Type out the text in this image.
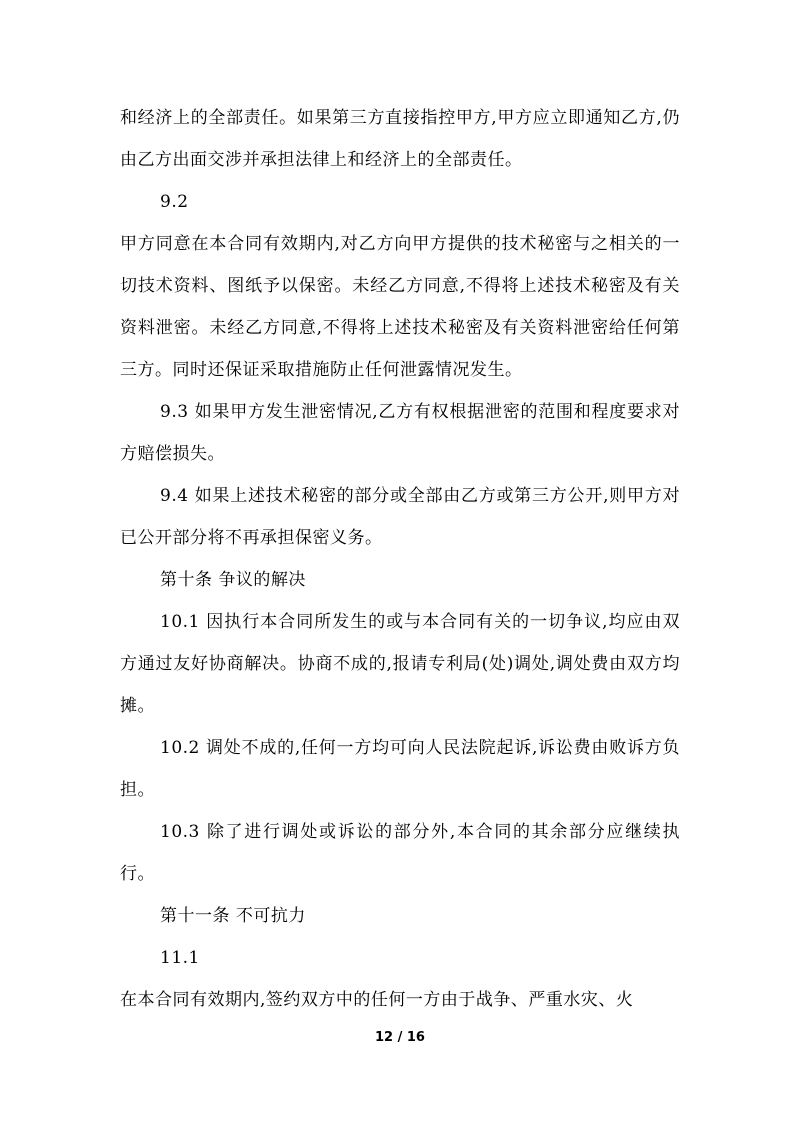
和经济上的全部责任。如果第三方直接指控甲方,甲方应立即通知乙方,仍由乙方出面交涉并承担法律上和经济上的全部责任。

9.2

甲方同意在本合同有效期内,对乙方向甲方提供的技术秘密与之相关的一切技术资料、图纸予以保密。未经乙方同意,不得将上述技术秘密及有关资料泄密。未经乙方同意,不得将上述技术秘密及有关资料泄密给任何第三方。同时还保证采取措施防止任何泄露情况发生。

9.3 如果甲方发生泄密情况,乙方有权根据泄密的范围和程度要求对方赔偿损失。

9.4 如果上述技术秘密的部分或全部由乙方或第三方公开,则甲方对已公开部分将不再承担保密义务。

第十条 争议的解决

10.1 因执行本合同所发生的或与本合同有关的一切争议,均应由双方通过友好协商解决。协商不成的,报请专利局(处)调处,调处费由双方均摊。

10.2 调处不成的,任何一方均可向人民法院起诉,诉讼费由败诉方负担。

10.3 除了进行调处或诉讼的部分外,本合同的其余部分应继续执行。

第十一条 不可抗力

11.1

在本合同有效期内,签约双方中的任何一方由于战争、严重水灾、火

12 / 16
